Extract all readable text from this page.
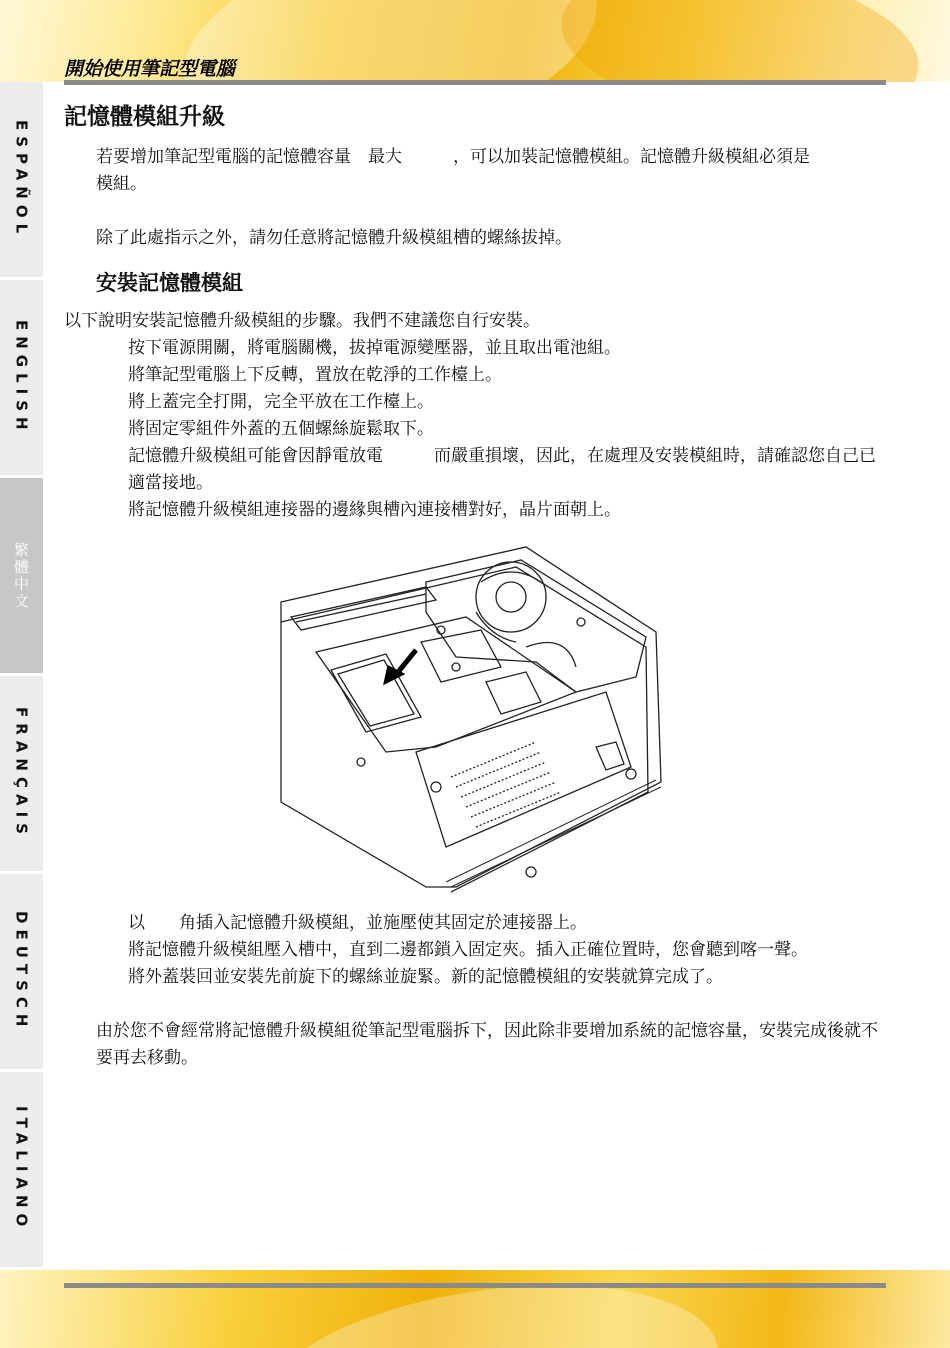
開始使用筆記型電腦
ESPAÑOL
ENGLISH
繁體中文
FRANÇAIS
DEUTSCH
ITALIANO
記憶體模組升級

若要增加筆記型電腦的記憶體容量　最大　　　，可以加裝記憶體模組。記憶體升級模組必須是　　　　　　　　模組。

除了此處指示之外，請勿任意將記憶體升級模組槽的螺絲拔掉。

安裝記憶體模組

以下說明安裝記憶體升級模組的步驟。我們不建議您自行安裝。

按下電源開關，將電腦關機，拔掉電源變壓器，並且取出電池組。
將筆記型電腦上下反轉，置放在乾淨的工作檯上。
將上蓋完全打開，完全平放在工作檯上。
將固定零組件外蓋的五個螺絲旋鬆取下。
記憶體升級模組可能會因靜電放電　　　而嚴重損壞，因此，在處理及安裝模組時，請確認您自己已適當接地。
將記憶體升級模組連接器的邊緣與槽內連接槽對好，晶片面朝上。
以　　角插入記憶體升級模組，並施壓使其固定於連接器上。
將記憶體升級模組壓入槽中，直到二邊都鎖入固定夾。插入正確位置時，您會聽到喀一聲。
將外蓋裝回並安裝先前旋下的螺絲並旋緊。新的記憶體模組的安裝就算完成了。

由於您不會經常將記憶體升級模組從筆記型電腦拆下，因此除非要增加系統的記憶容量，安裝完成後就不要再去移動。
